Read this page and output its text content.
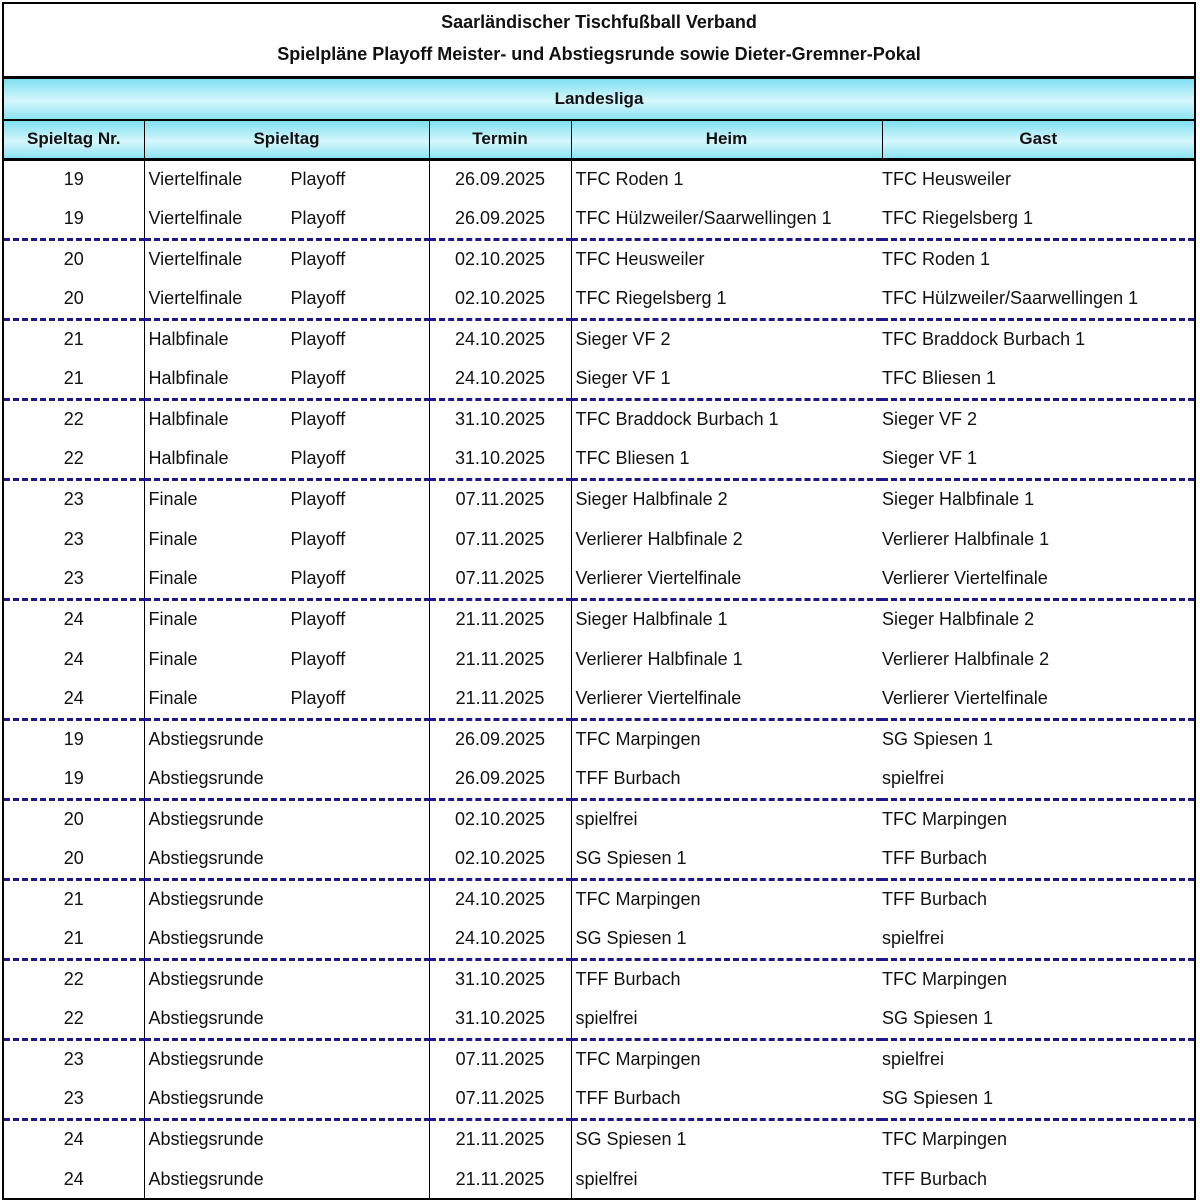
Saarländischer Tischfußball Verband
Spielpläne Playoff Meister- und Abstiegsrunde sowie Dieter-Gremner-Pokal
Landesliga
Spieltag Nr.	Spieltag	Termin	Heim	Gast
19	Viertelfinale Playoff	26.09.2025	TFC Roden 1	TFC Heusweiler
19	Viertelfinale Playoff	26.09.2025	TFC Hülzweiler/Saarwellingen 1	TFC Riegelsberg 1
20	Viertelfinale Playoff	02.10.2025	TFC Heusweiler	TFC Roden 1
20	Viertelfinale Playoff	02.10.2025	TFC Riegelsberg 1	TFC Hülzweiler/Saarwellingen 1
21	Halbfinale Playoff	24.10.2025	Sieger VF 2	TFC Braddock Burbach 1
21	Halbfinale Playoff	24.10.2025	Sieger VF 1	TFC Bliesen 1
22	Halbfinale Playoff	31.10.2025	TFC Braddock Burbach 1	Sieger VF 2
22	Halbfinale Playoff	31.10.2025	TFC Bliesen 1	Sieger VF 1
23	Finale Playoff	07.11.2025	Sieger Halbfinale 2	Sieger Halbfinale 1
23	Finale Playoff	07.11.2025	Verlierer Halbfinale 2	Verlierer Halbfinale 1
23	Finale Playoff	07.11.2025	Verlierer Viertelfinale	Verlierer Viertelfinale
24	Finale Playoff	21.11.2025	Sieger Halbfinale 1	Sieger Halbfinale 2
24	Finale Playoff	21.11.2025	Verlierer Halbfinale 1	Verlierer Halbfinale 2
24	Finale Playoff	21.11.2025	Verlierer Viertelfinale	Verlierer Viertelfinale
19	Abstiegsrunde	26.09.2025	TFC Marpingen	SG Spiesen 1
19	Abstiegsrunde	26.09.2025	TFF Burbach	spielfrei
20	Abstiegsrunde	02.10.2025	spielfrei	TFC Marpingen
20	Abstiegsrunde	02.10.2025	SG Spiesen 1	TFF Burbach
21	Abstiegsrunde	24.10.2025	TFC Marpingen	TFF Burbach
21	Abstiegsrunde	24.10.2025	SG Spiesen 1	spielfrei
22	Abstiegsrunde	31.10.2025	TFF Burbach	TFC Marpingen
22	Abstiegsrunde	31.10.2025	spielfrei	SG Spiesen 1
23	Abstiegsrunde	07.11.2025	TFC Marpingen	spielfrei
23	Abstiegsrunde	07.11.2025	TFF Burbach	SG Spiesen 1
24	Abstiegsrunde	21.11.2025	SG Spiesen 1	TFC Marpingen
24	Abstiegsrunde	21.11.2025	spielfrei	TFF Burbach
